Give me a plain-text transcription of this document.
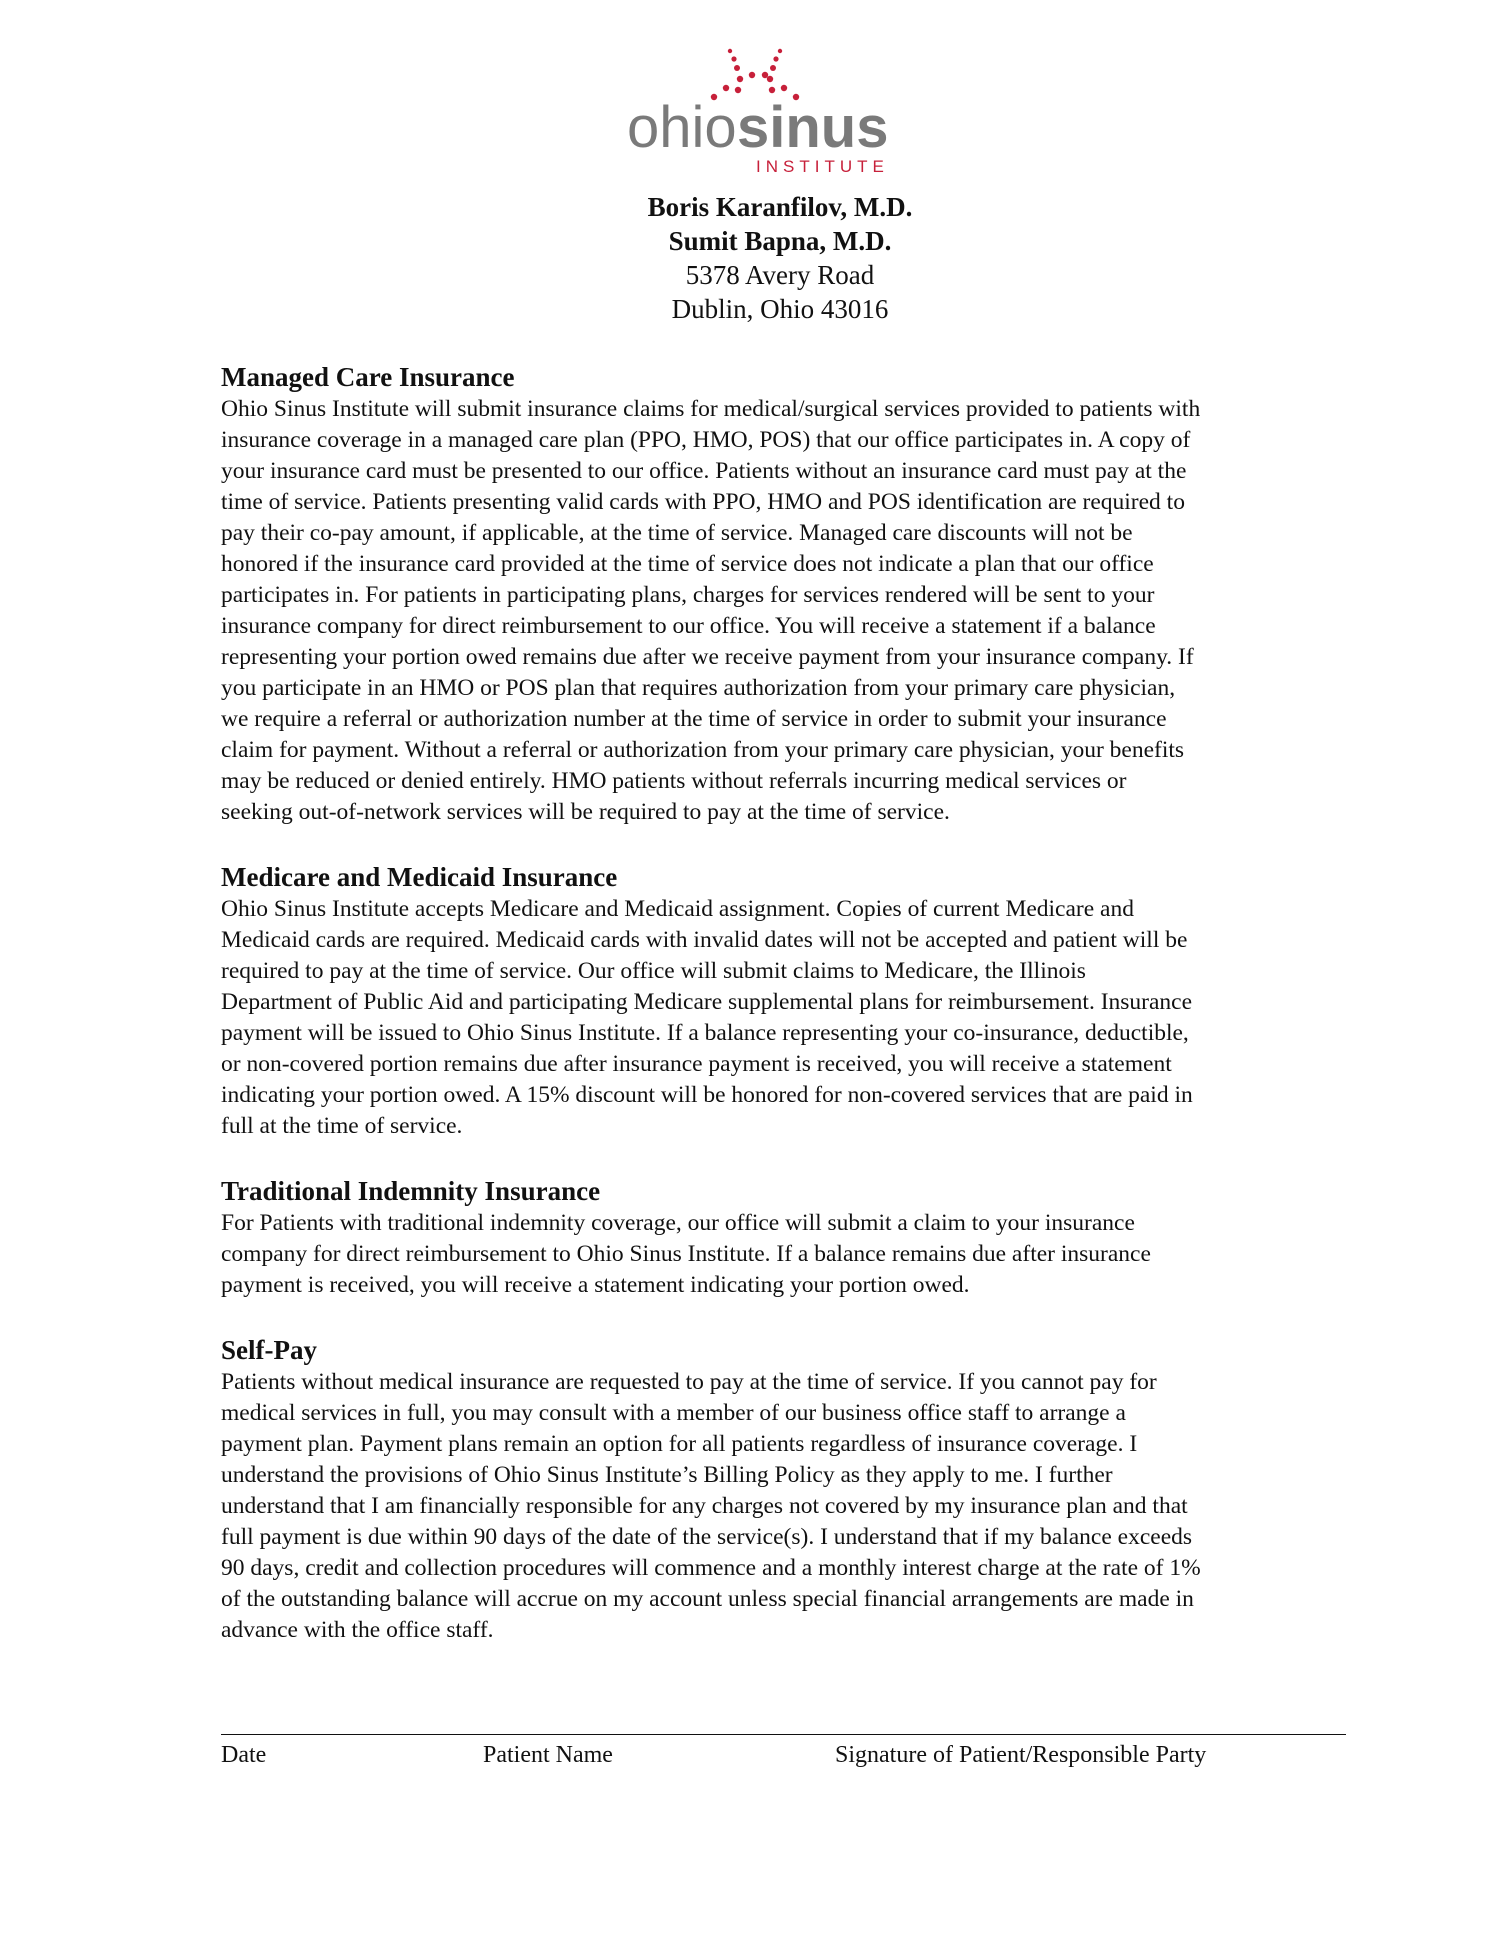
ohio sinus
INSTITUTE
Boris Karanfilov, M.D.
Sumit Bapna, M.D.
5378 Avery Road
Dublin, Ohio 43016

Managed Care Insurance

Ohio Sinus Institute will submit insurance claims for medical/surgical services provided to patients with
insurance coverage in a managed care plan (PPO, HMO, POS) that our office participates in. A copy of
your insurance card must be presented to our office. Patients without an insurance card must pay at the
time of service. Patients presenting valid cards with PPO, HMO and POS identification are required to
pay their co-pay amount, if applicable, at the time of service. Managed care discounts will not be
honored if the insurance card provided at the time of service does not indicate a plan that our office
participates in. For patients in participating plans, charges for services rendered will be sent to your
insurance company for direct reimbursement to our office. You will receive a statement if a balance
representing your portion owed remains due after we receive payment from your insurance company. If
you participate in an HMO or POS plan that requires authorization from your primary care physician,
we require a referral or authorization number at the time of service in order to submit your insurance
claim for payment. Without a referral or authorization from your primary care physician, your benefits
may be reduced or denied entirely. HMO patients without referrals incurring medical services or
seeking out-of-network services will be required to pay at the time of service.

Medicare and Medicaid Insurance

Ohio Sinus Institute accepts Medicare and Medicaid assignment. Copies of current Medicare and
Medicaid cards are required. Medicaid cards with invalid dates will not be accepted and patient will be
required to pay at the time of service. Our office will submit claims to Medicare, the Illinois
Department of Public Aid and participating Medicare supplemental plans for reimbursement. Insurance
payment will be issued to Ohio Sinus Institute. If a balance representing your co-insurance, deductible,
or non-covered portion remains due after insurance payment is received, you will receive a statement
indicating your portion owed. A 15% discount will be honored for non-covered services that are paid in
full at the time of service.

Traditional Indemnity Insurance

For Patients with traditional indemnity coverage, our office will submit a claim to your insurance
company for direct reimbursement to Ohio Sinus Institute. If a balance remains due after insurance
payment is received, you will receive a statement indicating your portion owed.

Self-Pay

Patients without medical insurance are requested to pay at the time of service. If you cannot pay for
medical services in full, you may consult with a member of our business office staff to arrange a
payment plan. Payment plans remain an option for all patients regardless of insurance coverage. I
understand the provisions of Ohio Sinus Institute’s Billing Policy as they apply to me. I further
understand that I am financially responsible for any charges not covered by my insurance plan and that
full payment is due within 90 days of the date of the service(s). I understand that if my balance exceeds
90 days, credit and collection procedures will commence and a monthly interest charge at the rate of 1%
of the outstanding balance will accrue on my account unless special financial arrangements are made in
advance with the office staff.

Date	Patient Name	Signature of Patient/Responsible Party
